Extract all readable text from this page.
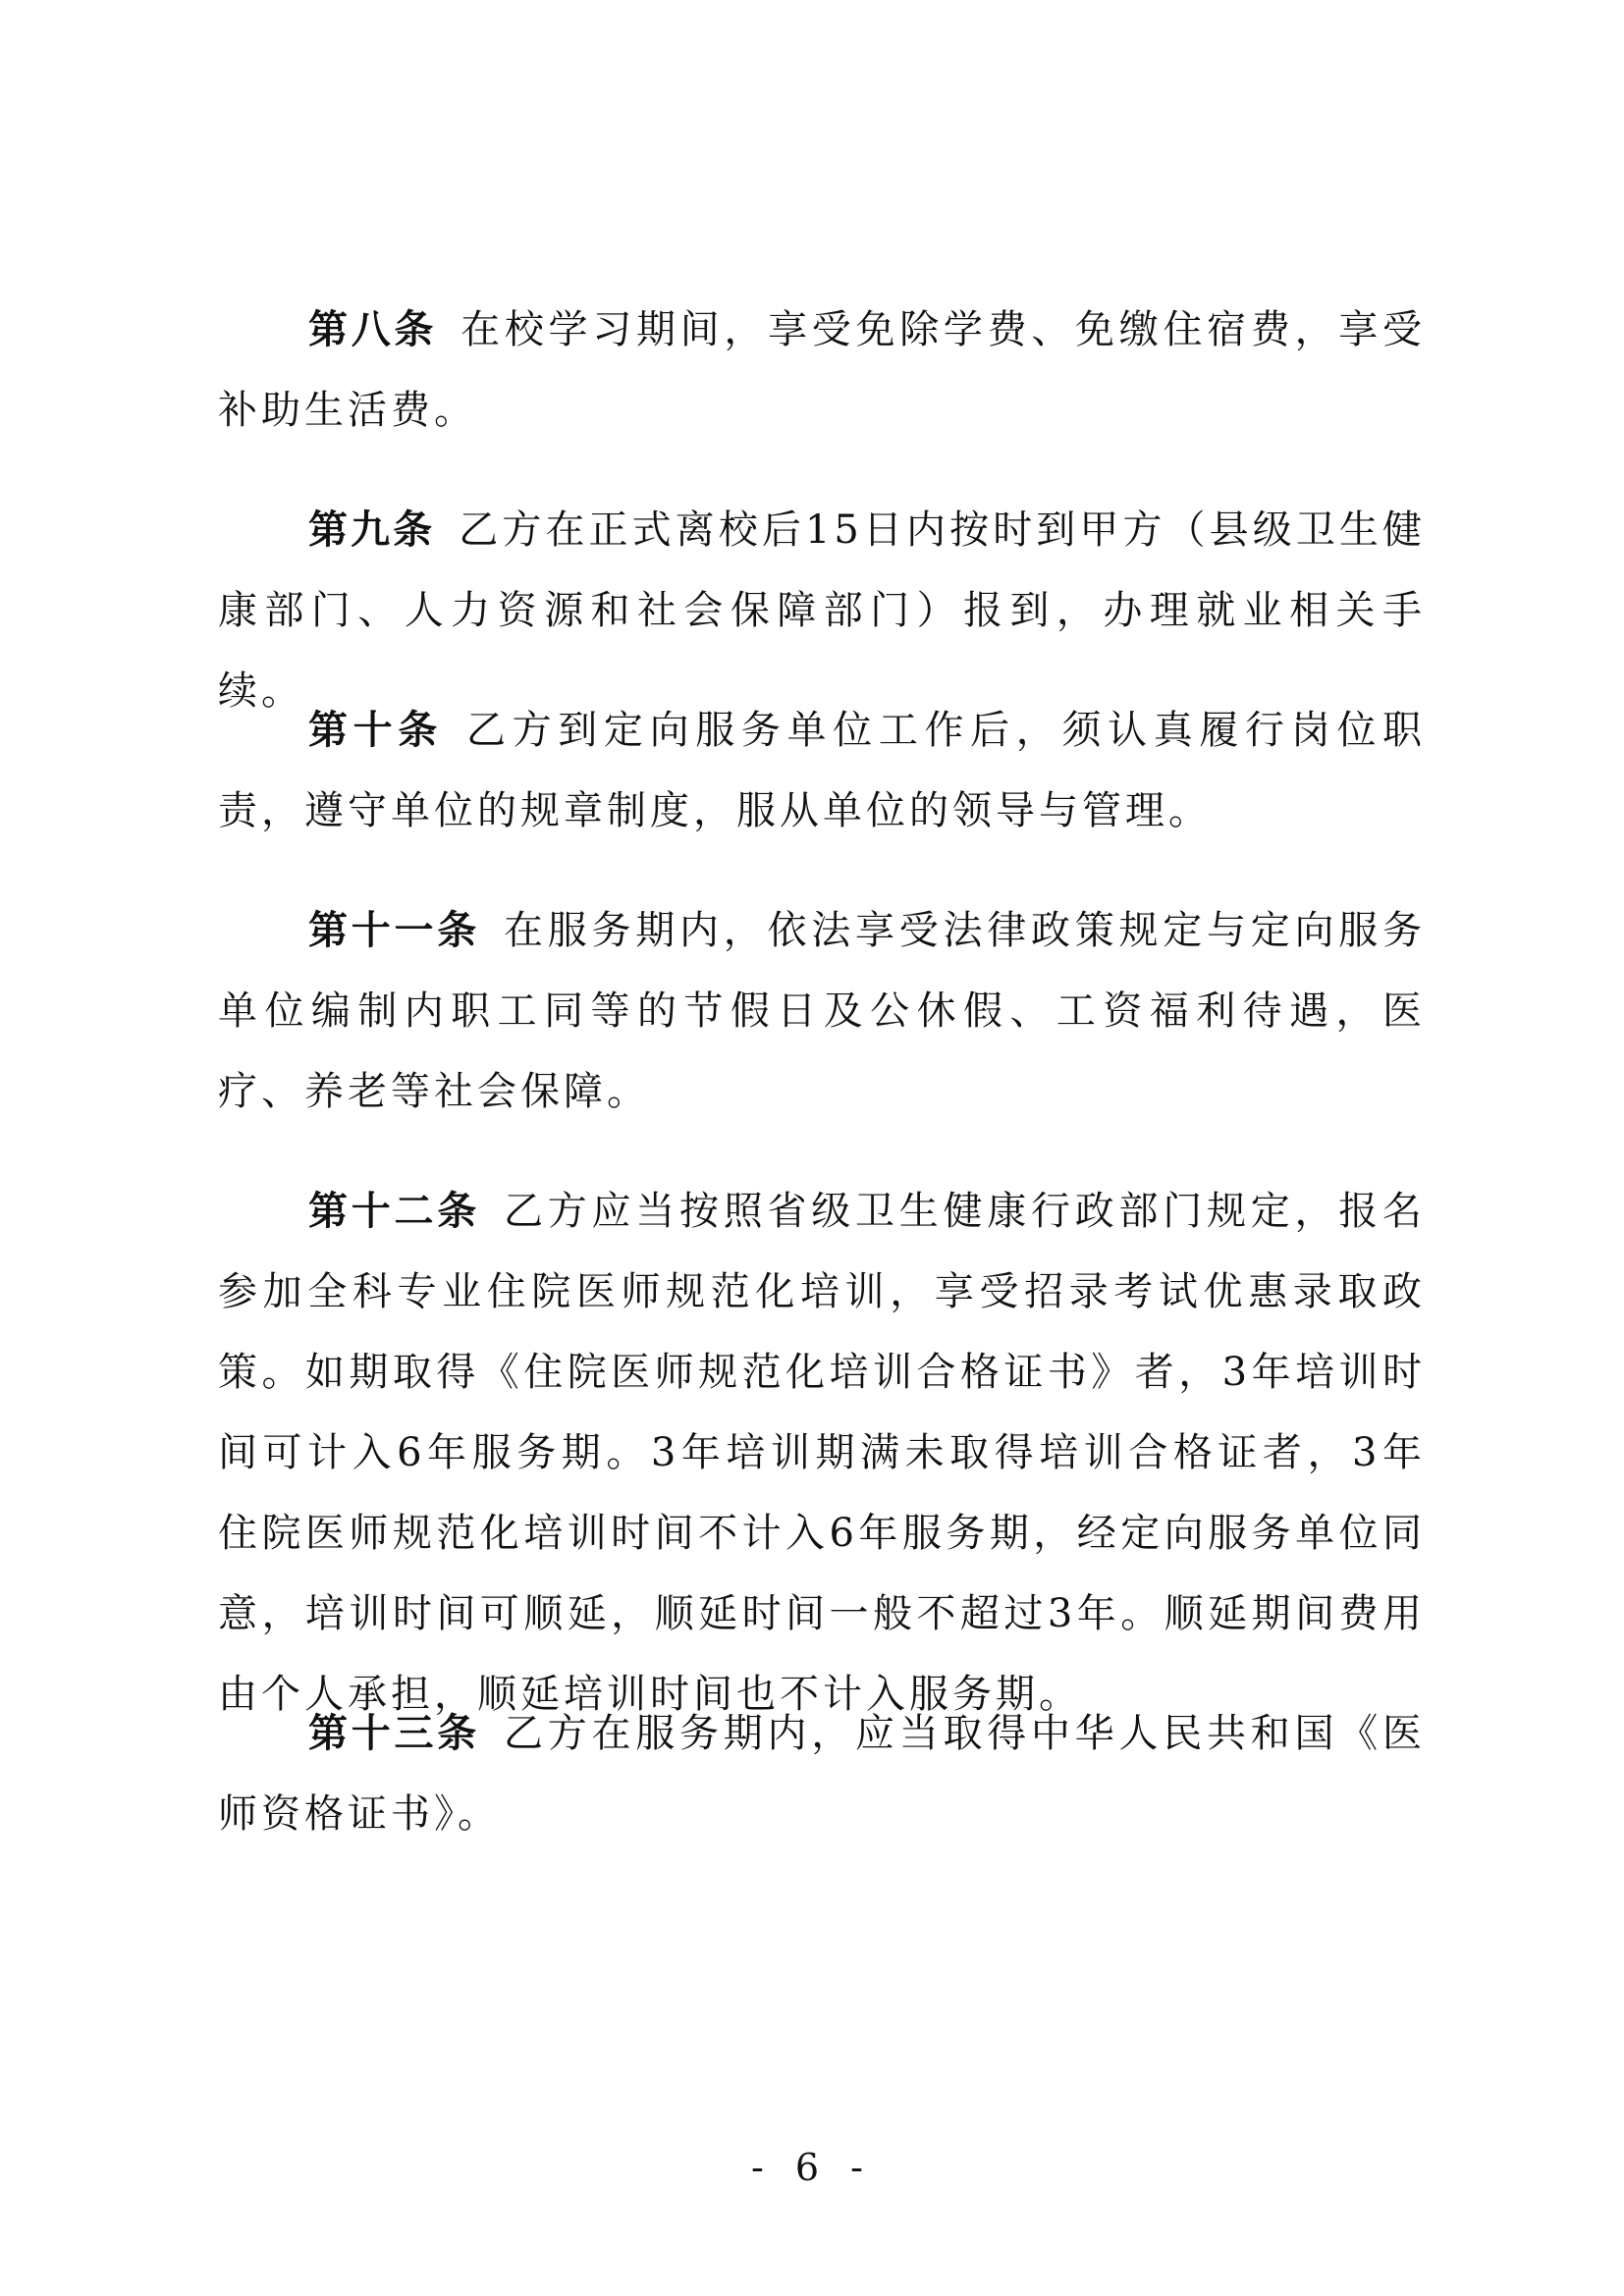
第八条 在校学习期间，享受免除学费、免缴住宿费，享受补助生活费。

第九条 乙方在正式离校后15日内按时到甲方（县级卫生健康部门、人力资源和社会保障部门）报到，办理就业相关手续。

第十条 乙方到定向服务单位工作后，须认真履行岗位职责，遵守单位的规章制度，服从单位的领导与管理。

第十一条 在服务期内，依法享受法律政策规定与定向服务单位编制内职工同等的节假日及公休假、工资福利待遇，医疗、养老等社会保障。

第十二条 乙方应当按照省级卫生健康行政部门规定，报名参加全科专业住院医师规范化培训，享受招录考试优惠录取政策。如期取得《住院医师规范化培训合格证书》者，3年培训时间可计入6年服务期。3年培训期满未取得培训合格证者，3年住院医师规范化培训时间不计入6年服务期，经定向服务单位同意，培训时间可顺延，顺延时间一般不超过3年。顺延期间费用由个人承担，顺延培训时间也不计入服务期。

第十三条 乙方在服务期内，应当取得中华人民共和国《医师资格证书》。

- 6 -
